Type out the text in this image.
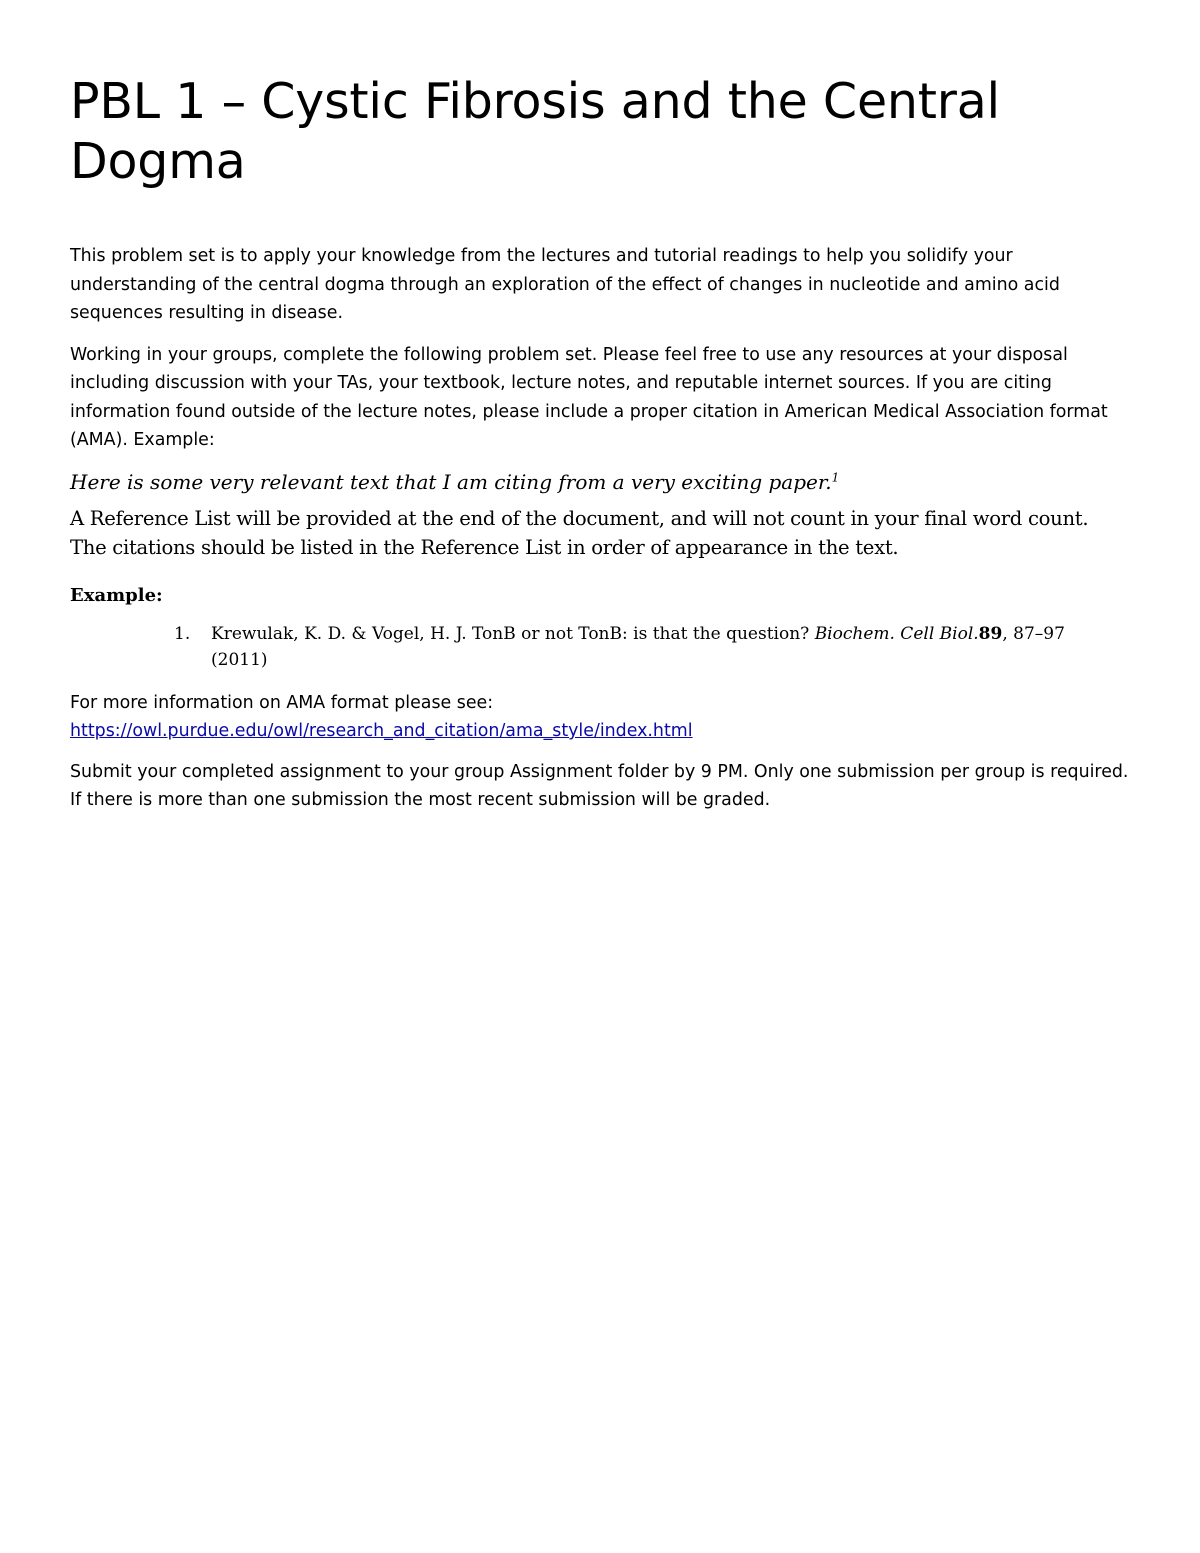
PBL 1 – Cystic Fibrosis and the Central Dogma

This problem set is to apply your knowledge from the lectures and tutorial readings to help you solidify your understanding of the central dogma through an exploration of the effect of changes in nucleotide and amino acid sequences resulting in disease.

Working in your groups, complete the following problem set. Please feel free to use any resources at your disposal including discussion with your TAs, your textbook, lecture notes, and reputable internet sources. If you are citing information found outside of the lecture notes, please include a proper citation in American Medical Association format (AMA). Example:

Here is some very relevant text that I am citing from a very exciting paper.$^1$

A Reference List will be provided at the end of the document, and will not count in your final word count. The citations should be listed in the Reference List in order of appearance in the text.

Example:

1.	Krewulak, K. D. & Vogel, H. J. TonB or not TonB: is that the question? Biochem. Cell Biol.89, 87–97 (2011)
For more information on AMA format please see:
https://owl.purdue.edu/owl/research_and_citation/ama_style/index.html

Submit your completed assignment to your group Assignment folder by 9 PM. Only one submission per group is required. If there is more than one submission the most recent submission will be graded.
